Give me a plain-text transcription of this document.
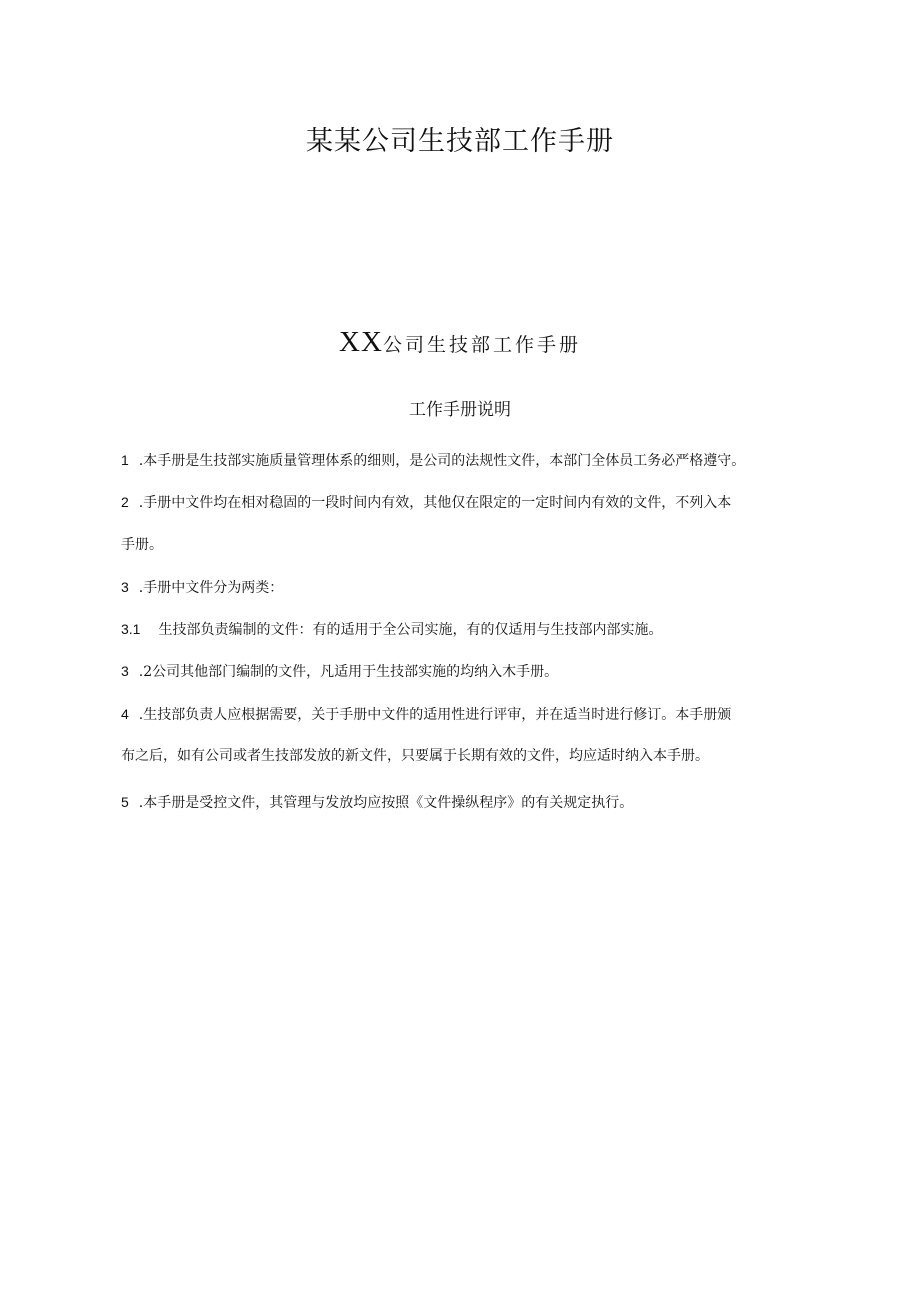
某某公司生技部工作手册
XX公司生技部工作手册
工作手册说明

1 .本手册是生技部实施质量管理体系的细则，是公司的法规性文件，本部门全体员工务必严格遵守。

2 .手册中文件均在相对稳固的一段时间内有效，其他仅在限定的一定时间内有效的文件，不列入本

手册。

3 .手册中文件分为两类：

3.1 生技部负责编制的文件：有的适用于全公司实施，有的仅适用与生技部内部实施。

3 .2公司其他部门编制的文件，凡适用于生技部实施的均纳入木手册。

4 .生技部负责人应根据需要，关于手册中文件的适用性进行评审，并在适当时进行修订。本手册颁

布之后，如有公司或者生技部发放的新文件，只要属于长期有效的文件，均应适时纳入本手册。

5 .本手册是受控文件，其管理与发放均应按照《文件操纵程序》的有关规定执行。
